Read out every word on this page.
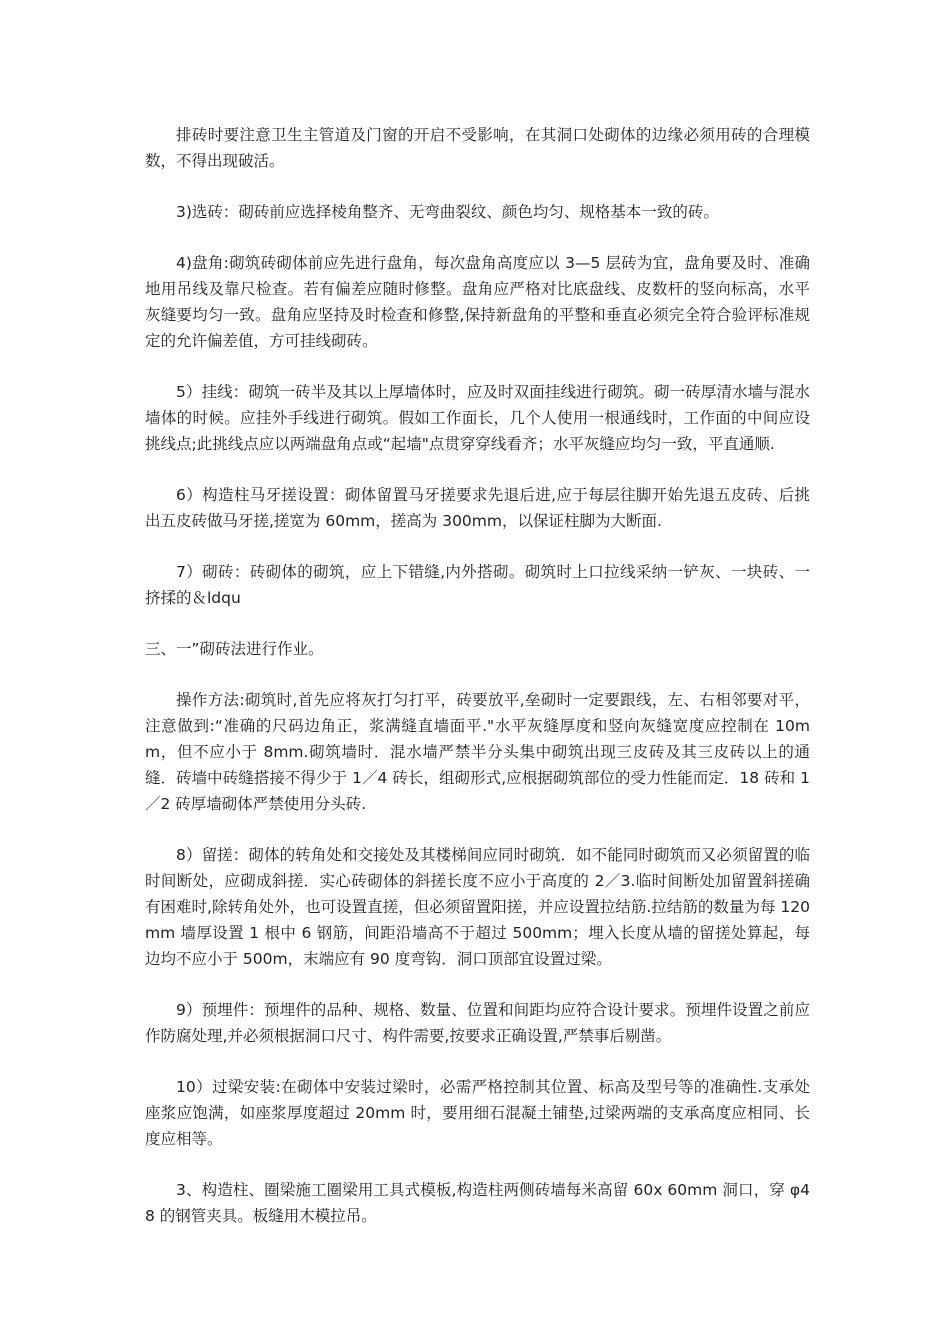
排砖时要注意卫生主管道及门窗的开启不受影响，在其洞口处砌体的边缘必须用砖的合理模数，不得出现破活。

3)选砖：砌砖前应选择棱角整齐、无弯曲裂纹、颜色均匀、规格基本一致的砖。

4)盘角:砌筑砖砌体前应先进行盘角，每次盘角高度应以 3—5 层砖为宜，盘角要及时、准确地用吊线及靠尺检查。若有偏差应随时修整。盘角应严格对比底盘线、皮数杆的竖向标高，水平灰缝要均匀一致。盘角应坚持及时检查和修整,保持新盘角的平整和垂直必须完全符合验评标准规定的允许偏差值，方可挂线砌砖。

5）挂线：砌筑一砖半及其以上厚墙体时，应及时双面挂线进行砌筑。砌一砖厚清水墙与混水墙体的时候。应挂外手线进行砌筑。假如工作面长，几个人使用一根通线时，工作面的中间应设挑线点;此挑线点应以两端盘角点或“起墙"点贯穿穿线看齐；水平灰缝应均匀一致，平直通顺.

6）构造柱马牙搓设置：砌体留置马牙搓要求先退后进,应于每层往脚开始先退五皮砖、后挑出五皮砖做马牙搓,搓宽为 60mm，搓高为 300mm，以保证柱脚为大断面.

7）砌砖：砖砌体的砌筑，应上下错缝,内外搭砌。砌筑时上口拉线采纳一铲灰、一块砖、一挤揉的＆ldqu

三、一”砌砖法进行作业。

操作方法:砌筑时,首先应将灰打匀打平，砖要放平,垒砌时一定要跟线，左、右相邻要对平，注意做到:“准确的尺码边角正，浆满缝直墙面平."水平灰缝厚度和竖向灰缝宽度应控制在 10mm，但不应小于 8mm.砌筑墙时．混水墙严禁半分头集中砌筑出现三皮砖及其三皮砖以上的通缝．砖墙中砖缝搭接不得少于 1／4 砖长，组砌形式,应根据砌筑部位的受力性能而定．18 砖和 1／2 砖厚墙砌体严禁使用分头砖.

8）留搓：砌体的转角处和交接处及其楼梯间应同时砌筑．如不能同时砌筑而又必须留置的临时间断处，应砌成斜搓．实心砖砌体的斜搓长度不应小于高度的 2／3.临时间断处加留置斜搓确有困难时,除转角处外，也可设置直搓，但必须留置阳搓，并应设置拉结筋.拉结筋的数量为每 120mm 墙厚设置 1 根中 6 钢筋，间距沿墙高不于超过 500mm；埋入长度从墙的留搓处算起，每边均不应小于 500m，末端应有 90 度弯钩．洞口顶部宜设置过梁。

9）预埋件：预埋件的品种、规格、数量、位置和间距均应符合设计要求。预埋件设置之前应作防腐处理,并必须根据洞口尺寸、构件需要,按要求正确设置,严禁事后剔凿。

10）过梁安装:在砌体中安装过梁时，必需严格控制其位置、标高及型号等的准确性.支承处座浆应饱满，如座浆厚度超过 20mm 时，要用细石混凝土铺垫,过梁两端的支承高度应相同、长度应相等。

3、构造柱、圈梁施工圈梁用工具式模板,构造柱两侧砖墙每米高留 60x 60mm 洞口，穿 φ48 的钢管夹具。板缝用木模拉吊。
